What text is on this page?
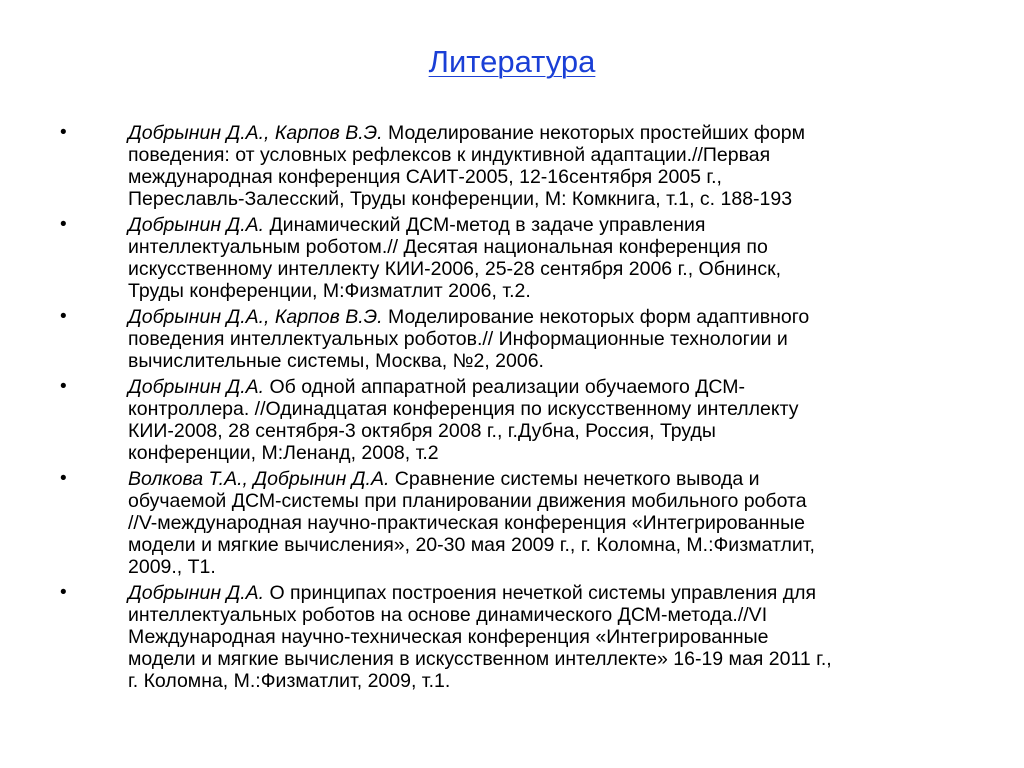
Литература
•	Добрынин Д.А., Карпов В.Э. Моделирование некоторых простейших форм
поведения: от условных рефлексов к индуктивной адаптации.//Первая
международная конференция САИТ-2005, 12-16сентября 2005 г.,
Переславль-Залесский, Труды конференции, М: Комкнига, т.1, с. 188-193
•	Добрынин Д.А. Динамический ДСМ-метод в задаче управления
интеллектуальным роботом.// Десятая национальная конференция по
искусственному интеллекту КИИ-2006, 25-28 сентября 2006 г., Обнинск,
Труды конференции, М:Физматлит 2006, т.2.
•	Добрынин Д.А., Карпов В.Э. Моделирование некоторых форм адаптивного
поведения интеллектуальных роботов.// Информационные технологии и
вычислительные системы, Москва, №2, 2006.
•	Добрынин Д.А. Об одной аппаратной реализации обучаемого ДСМ-
контроллера. //Одинадцатая конференция по искусственному интеллекту
КИИ-2008, 28 сентября-3 октября 2008 г., г.Дубна, Россия, Труды
конференции, М:Ленанд, 2008, т.2
•	Волкова Т.А., Добрынин Д.А. Сравнение системы нечеткого вывода и
обучаемой ДСМ-системы при планировании движения мобильного робота
//V-международная научно-практическая конференция «Интегрированные
модели и мягкие вычисления», 20-30 мая 2009 г., г. Коломна, М.:Физматлит,
2009., Т1.
•	Добрынин Д.А. О принципах построения нечеткой системы управления для
интеллектуальных роботов на основе динамического ДСМ-метода.//VI
Международная научно-техническая конференция «Интегрированные
модели и мягкие вычисления в искусственном интеллекте» 16-19 мая 2011 г.,
г. Коломна, М.:Физматлит, 2009, т.1.
